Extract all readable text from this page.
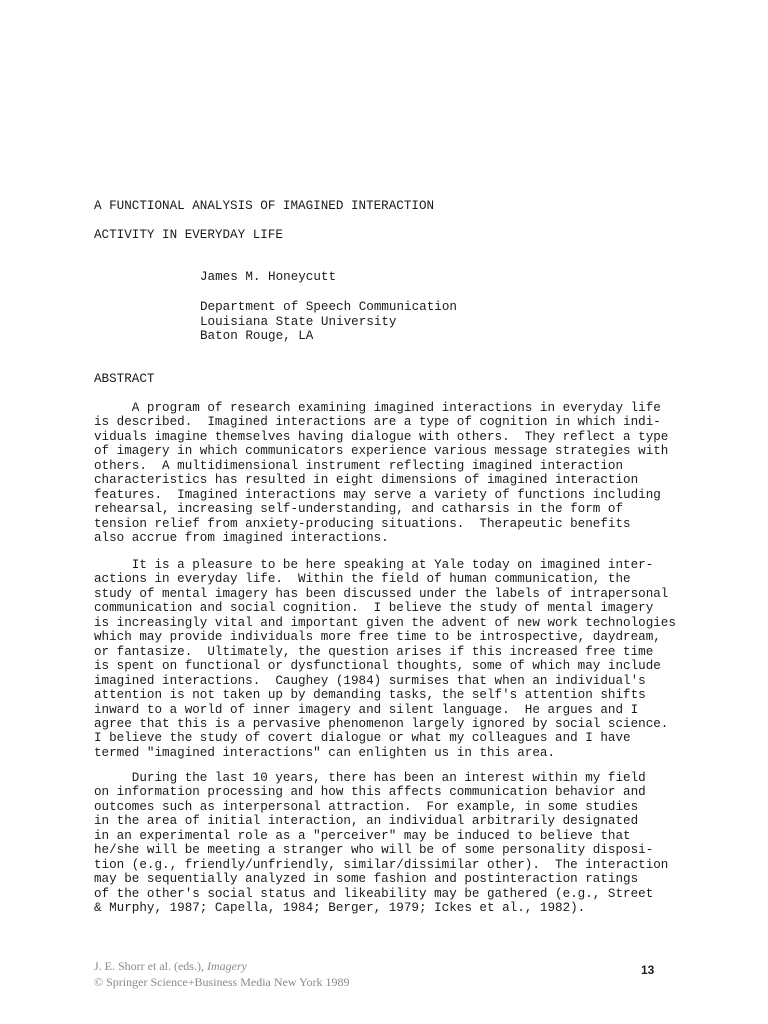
A FUNCTIONAL ANALYSIS OF IMAGINED INTERACTION
ACTIVITY IN EVERYDAY LIFE
James M. Honeycutt
Department of Speech Communication
Louisiana State University
Baton Rouge, LA
ABSTRACT
A program of research examining imagined interactions in everyday life
is described.  Imagined interactions are a type of cognition in which indi-
viduals imagine themselves having dialogue with others.  They reflect a type
of imagery in which communicators experience various message strategies with
others.  A multidimensional instrument reflecting imagined interaction
characteristics has resulted in eight dimensions of imagined interaction
features.  Imagined interactions may serve a variety of functions including
rehearsal, increasing self-understanding, and catharsis in the form of
tension relief from anxiety-producing situations.  Therapeutic benefits
also accrue from imagined interactions.
It is a pleasure to be here speaking at Yale today on imagined inter-
actions in everyday life.  Within the field of human communication, the
study of mental imagery has been discussed under the labels of intrapersonal
communication and social cognition.  I believe the study of mental imagery
is increasingly vital and important given the advent of new work technologies
which may provide individuals more free time to be introspective, daydream,
or fantasize.  Ultimately, the question arises if this increased free time
is spent on functional or dysfunctional thoughts, some of which may include
imagined interactions.  Caughey (1984) surmises that when an individual's
attention is not taken up by demanding tasks, the self's attention shifts
inward to a world of inner imagery and silent language.  He argues and I
agree that this is a pervasive phenomenon largely ignored by social science.
I believe the study of covert dialogue or what my colleagues and I have
termed "imagined interactions" can enlighten us in this area.
During the last 10 years, there has been an interest within my field
on information processing and how this affects communication behavior and
outcomes such as interpersonal attraction.  For example, in some studies
in the area of initial interaction, an individual arbitrarily designated
in an experimental role as a "perceiver" may be induced to believe that
he/she will be meeting a stranger who will be of some personality disposi-
tion (e.g., friendly/unfriendly, similar/dissimilar other).  The interaction
may be sequentially analyzed in some fashion and postinteraction ratings
of the other's social status and likeability may be gathered (e.g., Street
& Murphy, 1987; Capella, 1984; Berger, 1979; Ickes et al., 1982).
J. E. Shorr et al. (eds.), Imagery
© Springer Science+Business Media New York 1989
13
